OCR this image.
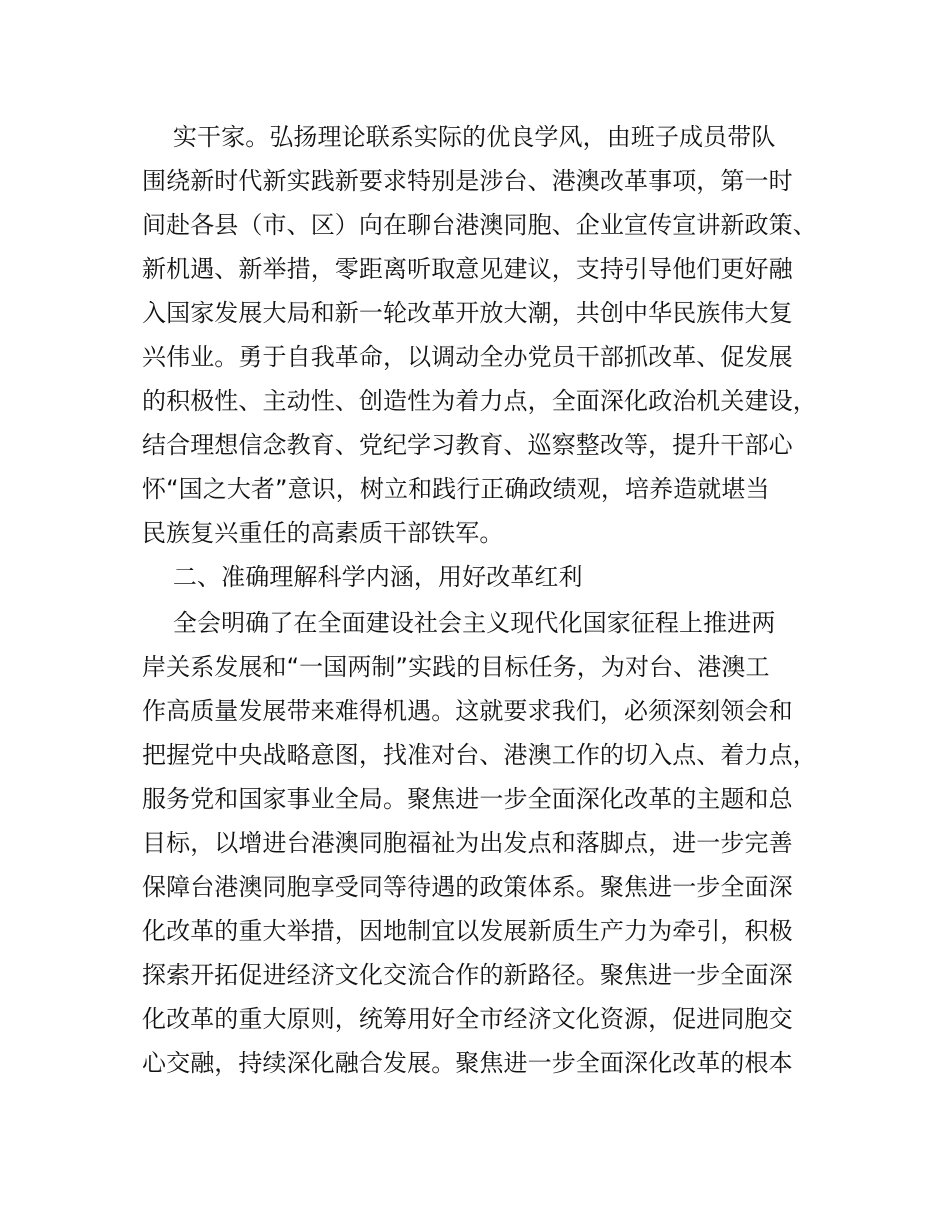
实干家。弘扬理论联系实际的优良学风，由班子成员带队
围绕新时代新实践新要求特别是涉台、港澳改革事项，第一时
间赴各县（市、区）向在聊台港澳同胞、企业宣传宣讲新政策、
新机遇、新举措，零距离听取意见建议，支持引导他们更好融
入国家发展大局和新一轮改革开放大潮，共创中华民族伟大复
兴伟业。勇于自我革命，以调动全办党员干部抓改革、促发展
的积极性、主动性、创造性为着力点，全面深化政治机关建设，
结合理想信念教育、党纪学习教育、巡察整改等，提升干部心
怀“国之大者”意识，树立和践行正确政绩观，培养造就堪当
民族复兴重任的高素质干部铁军。
二、准确理解科学内涵，用好改革红利
全会明确了在全面建设社会主义现代化国家征程上推进两
岸关系发展和“一国两制”实践的目标任务，为对台、港澳工
作高质量发展带来难得机遇。这就要求我们，必须深刻领会和
把握党中央战略意图，找准对台、港澳工作的切入点、着力点，
服务党和国家事业全局。聚焦进一步全面深化改革的主题和总
目标，以增进台港澳同胞福祉为出发点和落脚点，进一步完善
保障台港澳同胞享受同等待遇的政策体系。聚焦进一步全面深
化改革的重大举措，因地制宜以发展新质生产力为牵引，积极
探索开拓促进经济文化交流合作的新路径。聚焦进一步全面深
化改革的重大原则，统筹用好全市经济文化资源，促进同胞交
心交融，持续深化融合发展。聚焦进一步全面深化改革的根本
